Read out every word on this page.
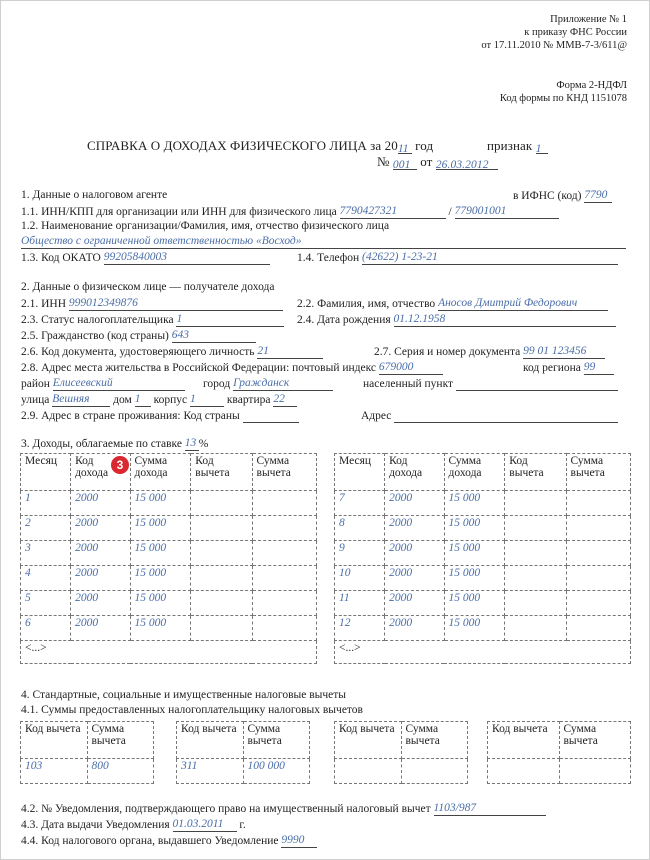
Приложение № 1
к приказу ФНС России
от 17.11.2010 № ММВ-7-3/611@
Форма 2-НДФЛ
Код формы по КНД 1151078
СПРАВКА О ДОХОДАХ ФИЗИЧЕСКОГО ЛИЦА за 2011 год	признак 1
№ 001 от 26.03.2012
1. Данные о налоговом агенте	в ИФНС (код) 7790
1.1. ИНН/КПП для организации или ИНН для физического лица 7790427321	/ 779001001
1.2. Наименование организации/Фамилия, имя, отчество физического лица
Общество с ограниченной ответственностью «Восход»
1.3. Код ОКАТО 99205840003	1.4. Телефон (42622) 1-23-21
2. Данные о физическом лице — получателе дохода
2.1. ИНН 999012349876	2.2. Фамилия, имя, отчество Аносов Дмитрий Федорович
2.3. Статус налогоплательщика 1	2.4. Дата рождения 01.12.1958
2.5. Гражданство (код страны) 643
2.6. Код документа, удостоверяющего личность 21	2.7. Серия и номер документа 99 01 123456
2.8. Адрес места жительства в Российской Федерации: почтовый индекс 679000	код региона 99
район Елисеевский	город Гражданск	населенный пункт
улица Вешняя дом 1 корпус 1	квартира 22
2.9. Адрес в стране проживания: Код страны	Адрес
3. Доходы, облагаемые по ставке 13 %
Месяц	Код дохода	Сумма дохода	Код вычета	Сумма вычета
1	2000	15 000		
2	2000	15 000		
3	2000	15 000		
4	2000	15 000		
5	2000	15 000		
6	2000	15 000		
<...>				
Месяц	Код дохода	Сумма дохода	Код вычета	Сумма вычета
7	2000	15 000		
8	2000	15 000		
9	2000	15 000		
10	2000	15 000		
11	2000	15 000		
12	2000	15 000		
<...>				
3
4. Стандартные, социальные и имущественные налоговые вычеты
4.1. Суммы предоставленных налогоплательщику налоговых вычетов
Код вычета	Сумма вычета
103	800
Код вычета	Сумма вычета
311	100 000
Код вычета	Сумма вычета

Код вычета	Сумма вычета

4.2. № Уведомления, подтверждающего право на имущественный налоговый вычет 1103/987
4.3. Дата выдачи Уведомления 01.03.2011 г.
4.4. Код налогового органа, выдавшего Уведомление 9990
